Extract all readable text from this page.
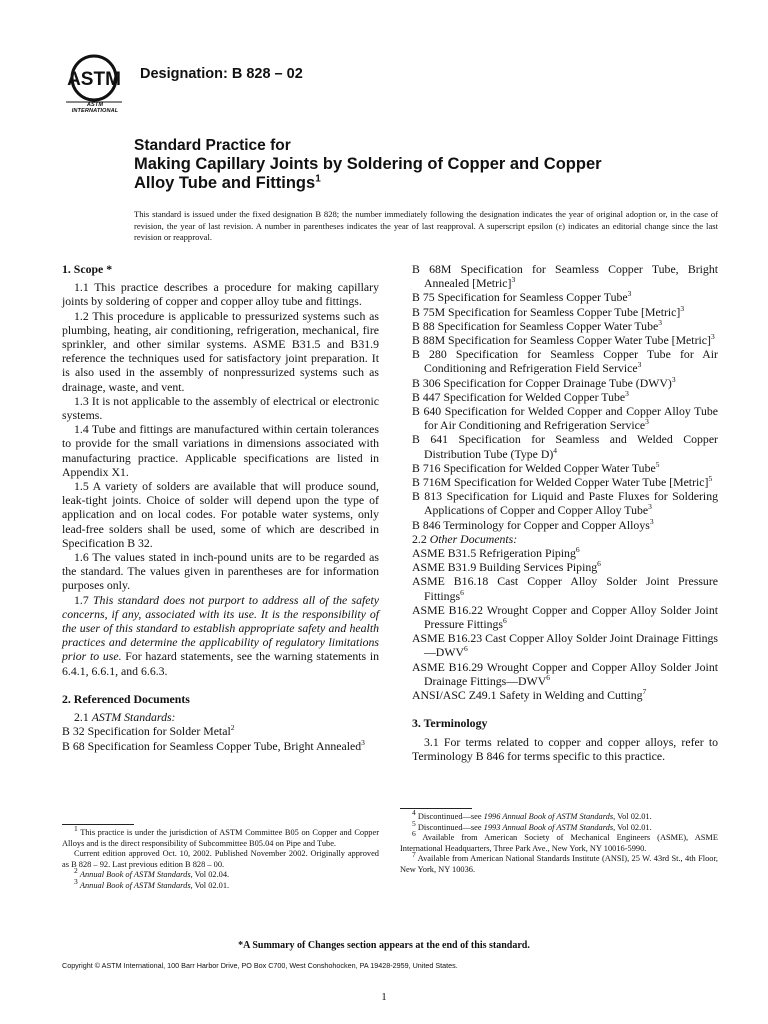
ASTM
ASTM INTERNATIONAL
Designation: B 828 – 02
Standard Practice for
Making Capillary Joints by Soldering of Copper and Copper
Alloy Tube and Fittings$^1$
This standard is issued under the fixed designation B 828; the number immediately following the designation indicates the year of original adoption or, in the case of revision, the year of last revision. A number in parentheses indicates the year of last reapproval. A superscript epsilon (ε) indicates an editorial change since the last revision or reapproval.

1. Scope *

1.1 This practice describes a procedure for making capillary joints by soldering of copper and copper alloy tube and fittings.

1.2 This procedure is applicable to pressurized systems such as plumbing, heating, air conditioning, refrigeration, mechanical, fire sprinkler, and other similar systems. ASME B31.5 and B31.9 reference the techniques used for satisfactory joint preparation. It is also used in the assembly of nonpressurized systems such as drainage, waste, and vent.

1.3 It is not applicable to the assembly of electrical or electronic systems.

1.4 Tube and fittings are manufactured within certain tolerances to provide for the small variations in dimensions associated with manufacturing practice. Applicable specifications are listed in Appendix X1.

1.5 A variety of solders are available that will produce sound, leak-tight joints. Choice of solder will depend upon the type of application and on local codes. For potable water systems, only lead-free solders shall be used, some of which are described in Specification B 32.

1.6 The values stated in inch-pound units are to be regarded as the standard. The values given in parentheses are for information purposes only.

1.7 This standard does not purport to address all of the safety concerns, if any, associated with its use. It is the responsibility of the user of this standard to establish appropriate safety and health practices and determine the applicability of regulatory limitations prior to use. For hazard statements, see the warning statements in 6.4.1, 6.6.1, and 6.6.3.

2. Referenced Documents

2.1 ASTM Standards:

B 32 Specification for Solder Metal$^2$

B 68 Specification for Seamless Copper Tube, Bright Annealed$^3$

B 68M Specification for Seamless Copper Tube, Bright Annealed [Metric]$^3$

B 75 Specification for Seamless Copper Tube$^3$

B 75M Specification for Seamless Copper Tube [Metric]$^3$

B 88 Specification for Seamless Copper Water Tube$^3$

B 88M Specification for Seamless Copper Water Tube [Metric]$^3$

B 280 Specification for Seamless Copper Tube for Air Conditioning and Refrigeration Field Service$^3$

B 306 Specification for Copper Drainage Tube (DWV)$^3$

B 447 Specification for Welded Copper Tube$^3$

B 640 Specification for Welded Copper and Copper Alloy Tube for Air Conditioning and Refrigeration Service$^3$

B 641 Specification for Seamless and Welded Copper Distribution Tube (Type D)$^4$

B 716 Specification for Welded Copper Water Tube$^5$

B 716M Specification for Welded Copper Water Tube [Metric]$^5$

B 813 Specification for Liquid and Paste Fluxes for Soldering Applications of Copper and Copper Alloy Tube$^3$

B 846 Terminology for Copper and Copper Alloys$^3$

2.2 Other Documents:

ASME B31.5 Refrigeration Piping$^6$

ASME B31.9 Building Services Piping$^6$

ASME B16.18 Cast Copper Alloy Solder Joint Pressure Fittings$^6$

ASME B16.22 Wrought Copper and Copper Alloy Solder Joint Pressure Fittings$^6$

ASME B16.23 Cast Copper Alloy Solder Joint Drainage Fittings—DWV$^6$

ASME B16.29 Wrought Copper and Copper Alloy Solder Joint Drainage Fittings—DWV$^6$

ANSI/ASC Z49.1 Safety in Welding and Cutting$^7$

3. Terminology

3.1 For terms related to copper and copper alloys, refer to Terminology B 846 for terms specific to this practice.

$^1$ This practice is under the jurisdiction of ASTM Committee B05 on Copper and Copper Alloys and is the direct responsibility of Subcommittee B05.04 on Pipe and Tube.

Current edition approved Oct. 10, 2002. Published November 2002. Originally approved as B 828 – 92. Last previous edition B 828 – 00.

$^2$ Annual Book of ASTM Standards, Vol 02.04.

$^3$ Annual Book of ASTM Standards, Vol 02.01.

$^4$ Discontinued—see 1996 Annual Book of ASTM Standards, Vol 02.01.

$^5$ Discontinued—see 1993 Annual Book of ASTM Standards, Vol 02.01.

$^6$ Available from American Society of Mechanical Engineers (ASME), ASME International Headquarters, Three Park Ave., New York, NY 10016-5990.

$^7$ Available from American National Standards Institute (ANSI), 25 W. 43rd St., 4th Floor, New York, NY 10036.

*A Summary of Changes section appears at the end of this standard.
Copyright © ASTM International, 100 Barr Harbor Drive, PO Box C700, West Conshohocken, PA 19428-2959, United States.
1
